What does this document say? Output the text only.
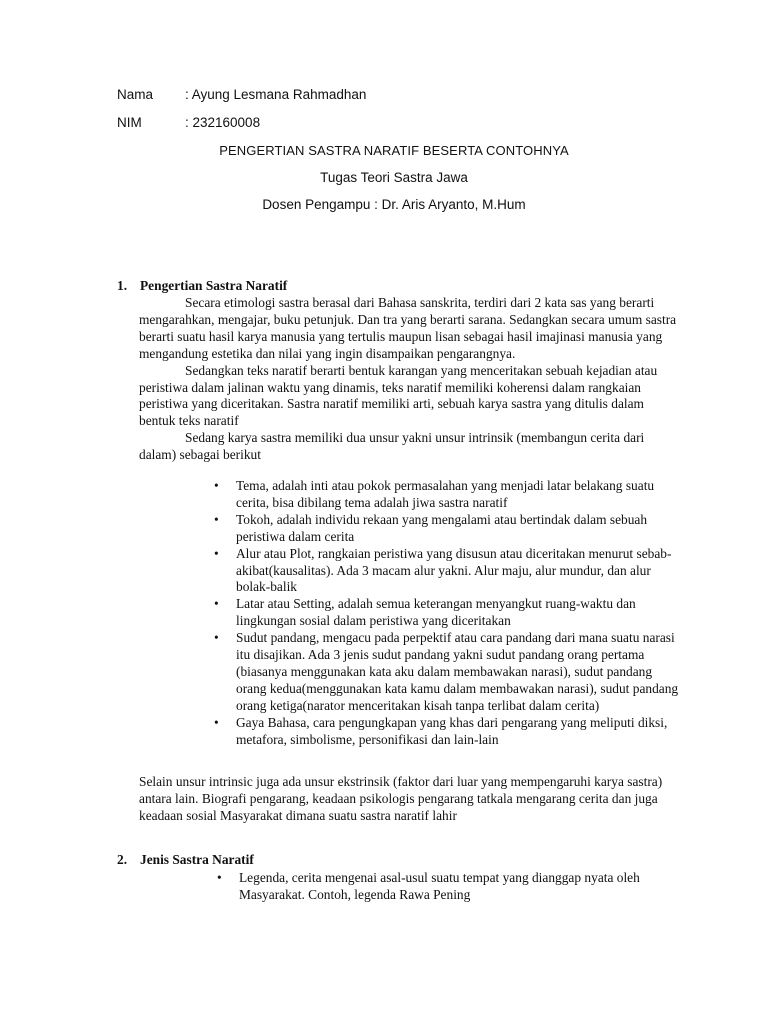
Nama	: Ayung Lesmana Rahmadhan
NIM	: 232160008
PENGERTIAN SASTRA NARATIF BESERTA CONTOHNYA
Tugas Teori Sastra Jawa
Dosen Pengampu : Dr. Aris Aryanto, M.Hum
1. Pengertian Sastra Naratif

Secara etimologi sastra berasal dari Bahasa sanskrita, terdiri dari 2 kata sas yang berarti mengarahkan, mengajar, buku petunjuk. Dan tra yang berarti sarana. Sedangkan secara umum sastra berarti suatu hasil karya manusia yang tertulis maupun lisan sebagai hasil imajinasi manusia yang mengandung estetika dan nilai yang ingin disampaikan pengarangnya.

Sedangkan teks naratif berarti bentuk karangan yang menceritakan sebuah kejadian atau peristiwa dalam jalinan waktu yang dinamis, teks naratif memiliki koherensi dalam rangkaian peristiwa yang diceritakan. Sastra naratif memiliki arti, sebuah karya sastra yang ditulis dalam bentuk teks naratif

Sedang karya sastra memiliki dua unsur yakni unsur intrinsik (membangun cerita dari dalam) sebagai berikut

• Tema, adalah inti atau pokok permasalahan yang menjadi latar belakang suatu cerita, bisa dibilang tema adalah jiwa sastra naratif
• Tokoh, adalah individu rekaan yang mengalami atau bertindak dalam sebuah peristiwa dalam cerita
• Alur atau Plot, rangkaian peristiwa yang disusun atau diceritakan menurut sebab-akibat(kausalitas). Ada 3 macam alur yakni. Alur maju, alur mundur, dan alur bolak-balik
• Latar atau Setting, adalah semua keterangan menyangkut ruang-waktu dan lingkungan sosial dalam peristiwa yang diceritakan
• Sudut pandang, mengacu pada perpektif atau cara pandang dari mana suatu narasi itu disajikan. Ada 3 jenis sudut pandang yakni sudut pandang orang pertama (biasanya menggunakan kata aku dalam membawakan narasi), sudut pandang orang kedua(menggunakan kata kamu dalam membawakan narasi), sudut pandang orang ketiga(narator menceritakan kisah tanpa terlibat dalam cerita)
• Gaya Bahasa, cara pengungkapan yang khas dari pengarang yang meliputi diksi, metafora, simbolisme, personifikasi dan lain-lain
Selain unsur intrinsic juga ada unsur ekstrinsik (faktor dari luar yang mempengaruhi karya sastra) antara lain. Biografi pengarang, keadaan psikologis pengarang tatkala mengarang cerita dan juga keadaan sosial Masyarakat dimana suatu sastra naratif lahir
2. Jenis Sastra Naratif
• Legenda, cerita mengenai asal-usul suatu tempat yang dianggap nyata oleh Masyarakat. Contoh, legenda Rawa Pening
